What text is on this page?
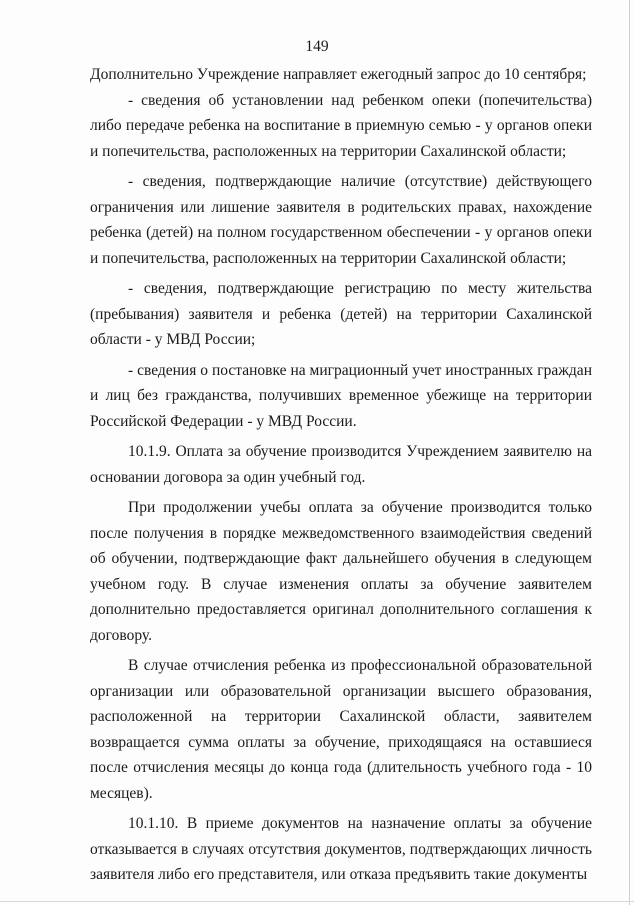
149

Дополнительно Учреждение направляет ежегодный запрос до 10 сентября;

- сведения об установлении над ребенком опеки (попечительства) либо передаче ребенка на воспитание в приемную семью - у органов опеки и попечительства, расположенных на территории Сахалинской области;

- сведения, подтверждающие наличие (отсутствие) действующего ограничения или лишение заявителя в родительских правах, нахождение ребенка (детей) на полном государственном обеспечении - у органов опеки и попечительства, расположенных на территории Сахалинской области;

- сведения, подтверждающие регистрацию по месту жительства (пребывания) заявителя и ребенка (детей) на территории Сахалинской области - у МВД России;

- сведения о постановке на миграционный учет иностранных граждан и лиц без гражданства, получивших временное убежище на территории Российской Федерации - у МВД России.

10.1.9. Оплата за обучение производится Учреждением заявителю на основании договора за один учебный год.

При продолжении учебы оплата за обучение производится только после получения в порядке межведомственного взаимодействия сведений об обучении, подтверждающие факт дальнейшего обучения в следующем учебном году. В случае изменения оплаты за обучение заявителем дополнительно предоставляется оригинал дополнительного соглашения к договору.

В случае отчисления ребенка из профессиональной образовательной организации или образовательной организации высшего образования, расположенной на территории Сахалинской области, заявителем возвращается сумма оплаты за обучение, приходящаяся на оставшиеся после отчисления месяцы до конца года (длительность учебного года - 10 месяцев).

10.1.10. В приеме документов на назначение оплаты за обучение отказывается в случаях отсутствия документов, подтверждающих личность заявителя либо его представителя, или отказа предъявить такие документы
